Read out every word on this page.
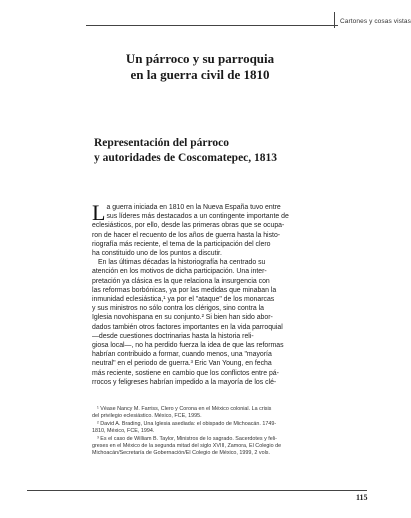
Cartones y cosas vistas
Un párroco y su parroquia
en la guerra civil de 1810
Representación del párroco
y autoridades de Coscomatepec, 1813
L a guerra iniciada en 1810 en la Nueva España tuvo entre
sus líderes más destacados a un contingente importante de
eclesiásticos, por ello, desde las primeras obras que se ocupa-
ron de hacer el recuento de los años de guerra hasta la histo-
riografía más reciente, el tema de la participación del clero
ha constituido uno de los puntos a discutir.
En las últimas décadas la historiografía ha centrado su
atención en los motivos de dicha participación. Una inter-
pretación ya clásica es la que relaciona la insurgencia con
las reformas borbónicas, ya por las medidas que minaban la
inmunidad eclesiástica,¹ ya por el "ataque" de los monarcas
y sus ministros no sólo contra los clérigos, sino contra la
Iglesia novohispana en su conjunto.² Si bien han sido abor-
dados también otros factores importantes en la vida parroquial
—desde cuestiones doctrinarias hasta la historia reli-
giosa local—, no ha perdido fuerza la idea de que las reformas
habrían contribuido a formar, cuando menos, una "mayoría
neutral" en el periodo de guerra.³ Eric Van Young, en fecha
más reciente, sostiene en cambio que los conflictos entre pá-
rrocos y feligreses habrían impedido a la mayoría de los clé-
¹ Véase Nancy M. Farriss, Clero y Corona en el México colonial. La crisis
del privilegio eclesiástico. México, FCE, 1995.
² David A. Brading, Una Iglesia asediada: el obispado de Michoacán. 1749-
1810, México, FCE, 1994.
³ Es el caso de William B. Taylor, Ministros de lo sagrado. Sacerdotes y feli-
greses en el México de la segunda mitad del siglo XVIII, Zamora, El Colegio de
Michoacán/Secretaría de Gobernación/El Colegio de México, 1999, 2 vols.
115
